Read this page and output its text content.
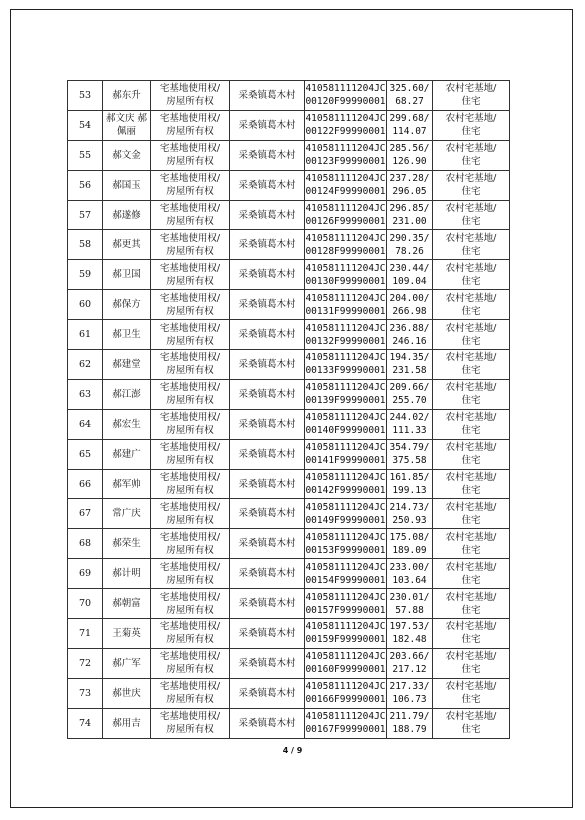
53	郝东升	宅基地使用权/
房屋所有权	采桑镇葛木村	410581111204JC
00120F99990001	325.60/
68.27	农村宅基地/
住宅

54	郝文庆 郝佩丽	宅基地使用权/
房屋所有权	采桑镇葛木村	410581111204JC
00122F99990001	299.68/
114.07	农村宅基地/
住宅

55	郝文金	宅基地使用权/
房屋所有权	采桑镇葛木村	410581111204JC
00123F99990001	285.56/
126.90	农村宅基地/
住宅

56	郝国玉	宅基地使用权/
房屋所有权	采桑镇葛木村	410581111204JC
00124F99990001	237.28/
296.05	农村宅基地/
住宅

57	郝遂修	宅基地使用权/
房屋所有权	采桑镇葛木村	410581111204JC
00126F99990001	296.85/
231.00	农村宅基地/
住宅

58	郝更其	宅基地使用权/
房屋所有权	采桑镇葛木村	410581111204JC
00128F99990001	290.35/
78.26	农村宅基地/
住宅

59	郝卫国	宅基地使用权/
房屋所有权	采桑镇葛木村	410581111204JC
00130F99990001	230.44/
109.04	农村宅基地/
住宅

60	郝保方	宅基地使用权/
房屋所有权	采桑镇葛木村	410581111204JC
00131F99990001	204.00/
266.98	农村宅基地/
住宅

61	郝卫生	宅基地使用权/
房屋所有权	采桑镇葛木村	410581111204JC
00132F99990001	236.88/
246.16	农村宅基地/
住宅

62	郝建堂	宅基地使用权/
房屋所有权	采桑镇葛木村	410581111204JC
00133F99990001	194.35/
231.58	农村宅基地/
住宅

63	郝江澎	宅基地使用权/
房屋所有权	采桑镇葛木村	410581111204JC
00139F99990001	209.66/
255.70	农村宅基地/
住宅

64	郝宏生	宅基地使用权/
房屋所有权	采桑镇葛木村	410581111204JC
00140F99990001	244.02/
111.33	农村宅基地/
住宅

65	郝建广	宅基地使用权/
房屋所有权	采桑镇葛木村	410581111204JC
00141F99990001	354.79/
375.58	农村宅基地/
住宅

66	郝军帅	宅基地使用权/
房屋所有权	采桑镇葛木村	410581111204JC
00142F99990001	161.85/
199.13	农村宅基地/
住宅

67	常广庆	宅基地使用权/
房屋所有权	采桑镇葛木村	410581111204JC
00149F99990001	214.73/
250.93	农村宅基地/
住宅

68	郝荣生	宅基地使用权/
房屋所有权	采桑镇葛木村	410581111204JC
00153F99990001	175.08/
189.09	农村宅基地/
住宅

69	郝计明	宅基地使用权/
房屋所有权	采桑镇葛木村	410581111204JC
00154F99990001	233.00/
103.64	农村宅基地/
住宅

70	郝朝富	宅基地使用权/
房屋所有权	采桑镇葛木村	410581111204JC
00157F99990001	230.01/
57.88	农村宅基地/
住宅

71	王菊英	宅基地使用权/
房屋所有权	采桑镇葛木村	410581111204JC
00159F99990001	197.53/
182.48	农村宅基地/
住宅

72	郝广军	宅基地使用权/
房屋所有权	采桑镇葛木村	410581111204JC
00160F99990001	203.66/
217.12	农村宅基地/
住宅

73	郝世庆	宅基地使用权/
房屋所有权	采桑镇葛木村	410581111204JC
00166F99990001	217.33/
106.73	农村宅基地/
住宅

74	郝用吉	宅基地使用权/
房屋所有权	采桑镇葛木村	410581111204JC
00167F99990001	211.79/
188.79	农村宅基地/
住宅
4 / 9
